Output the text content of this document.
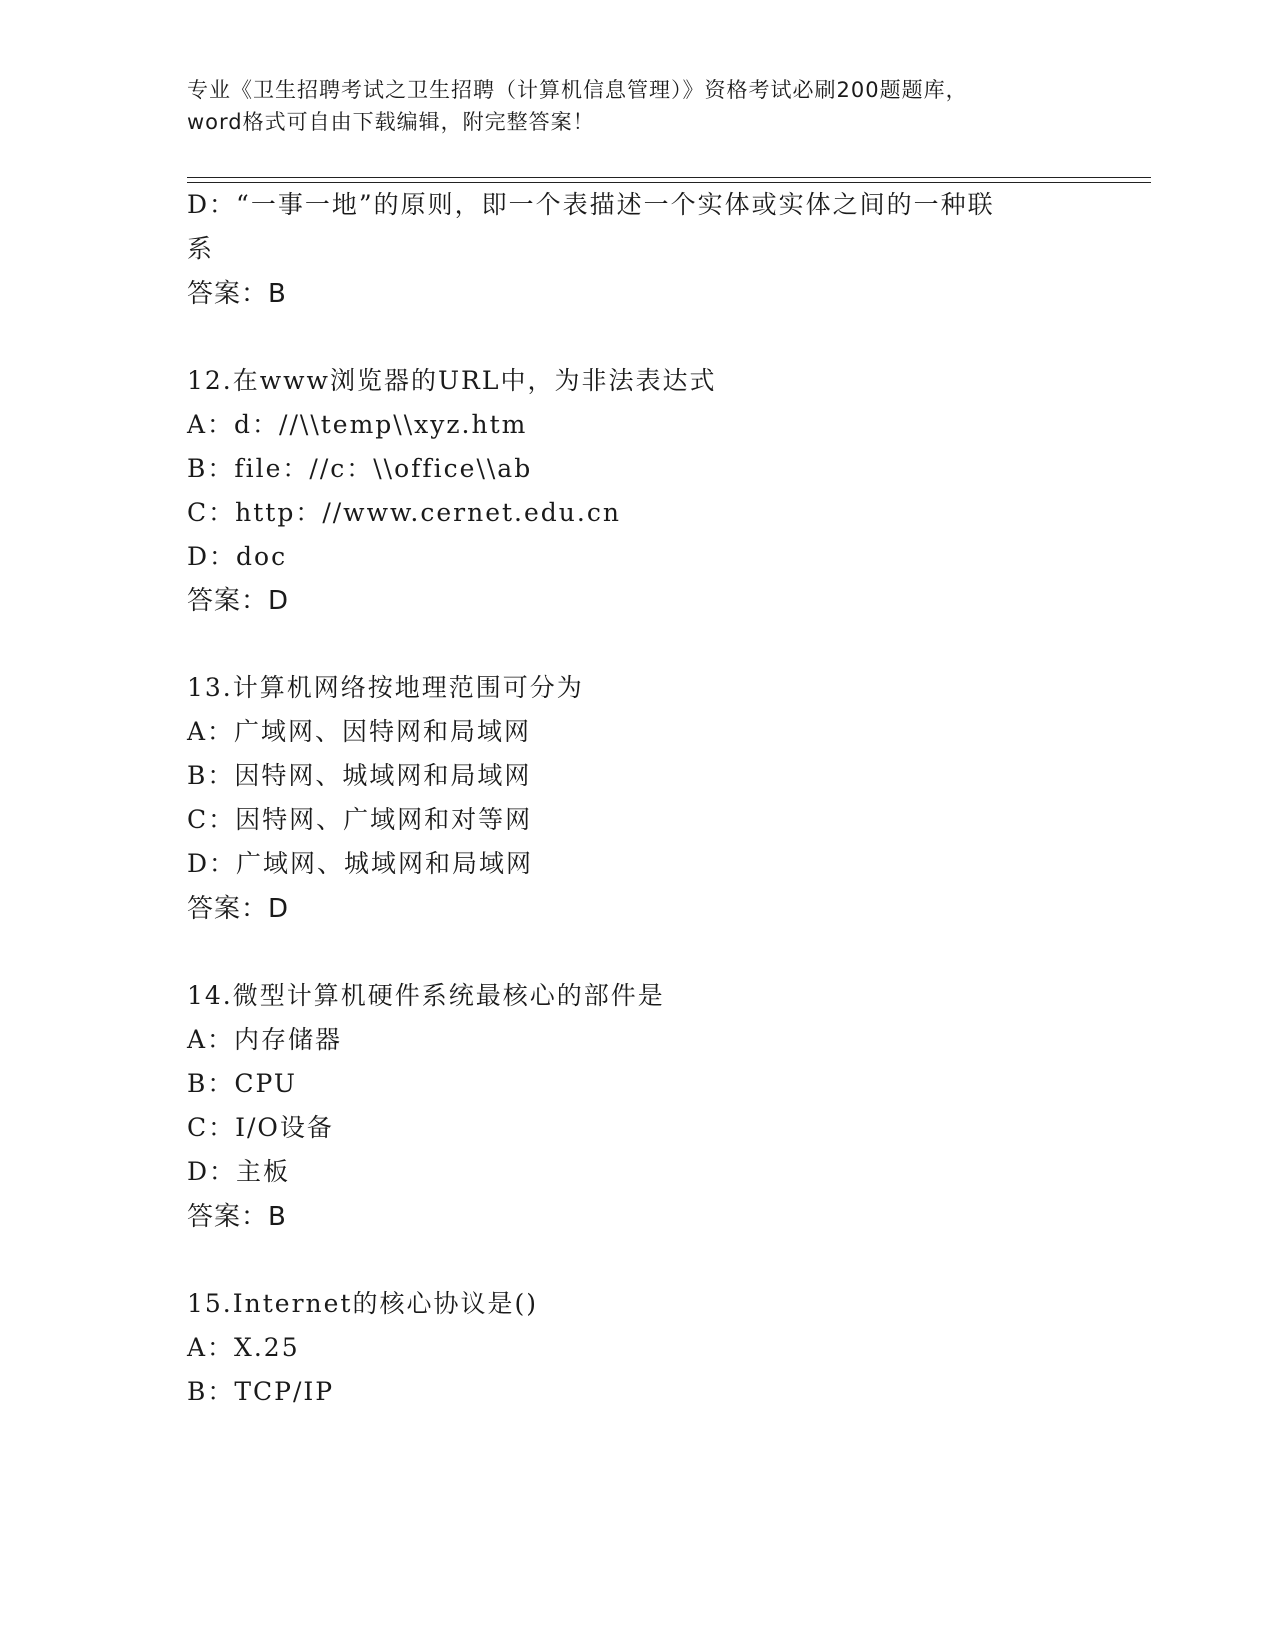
专业《卫生招聘考试之卫生招聘（计算机信息管理）》资格考试必刷200题题库，
word格式可自由下载编辑，附完整答案！
D：“一事一地”的原则，即一个表描述一个实体或实体之间的一种联
系
答案：B
12.在www浏览器的URL中，为非法表达式
A：d：//\\temp\\xyz.htm
B：file：//c：\\office\\ab
C：http：//www.cernet.edu.cn
D：doc
答案：D
13.计算机网络按地理范围可分为
A：广域网、因特网和局域网
B：因特网、城域网和局域网
C：因特网、广域网和对等网
D：广域网、城域网和局域网
答案：D
14.微型计算机硬件系统最核心的部件是
A：内存储器
B：CPU
C：I/O设备
D：主板
答案：B
15.Internet的核心协议是()
A：X.25
B：TCP/IP
